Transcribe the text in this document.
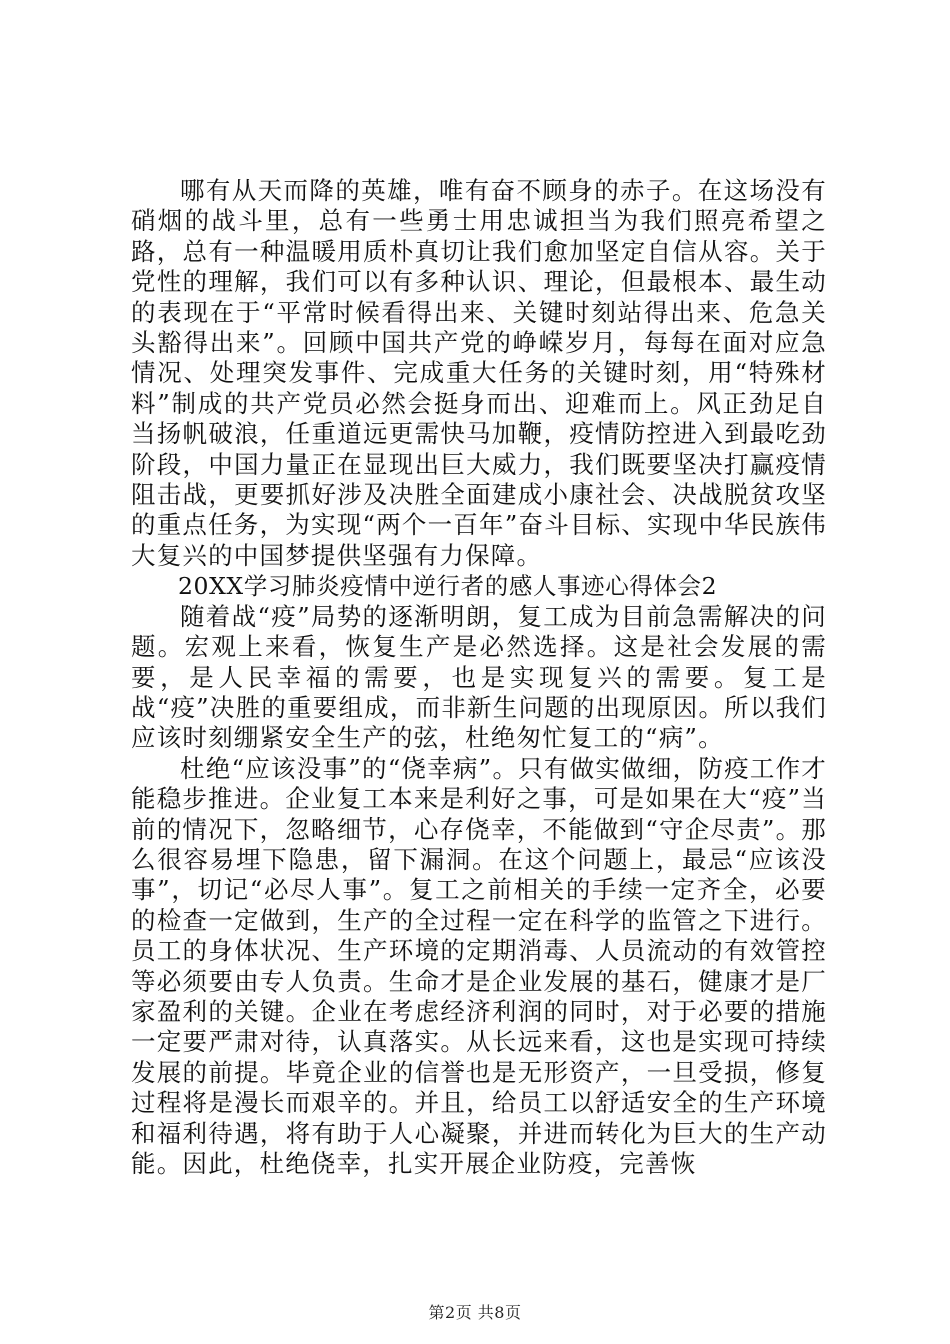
哪有从天而降的英雄，唯有奋不顾身的赤子。在这场没有硝烟的战斗里，总有一些勇士用忠诚担当为我们照亮希望之路，总有一种温暖用质朴真切让我们愈加坚定自信从容。关于党性的理解，我们可以有多种认识、理论，但最根本、最生动的表现在于“平常时候看得出来、关键时刻站得出来、危急关头豁得出来”。回顾中国共产党的峥嵘岁月，每每在面对应急情况、处理突发事件、完成重大任务的关键时刻，用“特殊材料”制成的共产党员必然会挺身而出、迎难而上。风正劲足自当扬帆破浪，任重道远更需快马加鞭，疫情防控进入到最吃劲阶段，中国力量正在显现出巨大威力，我们既要坚决打赢疫情阻击战，更要抓好涉及决胜全面建成小康社会、决战脱贫攻坚的重点任务，为实现“两个一百年”奋斗目标、实现中华民族伟大复兴的中国梦提供坚强有力保障。

20XX学习肺炎疫情中逆行者的感人事迹心得体会2

随着战“疫”局势的逐渐明朗，复工成为目前急需解决的问题。宏观上来看，恢复生产是必然选择。这是社会发展的需要，是人民幸福的需要，也是实现复兴的需要。复工是战“疫”决胜的重要组成，而非新生问题的出现原因。所以我们应该时刻绷紧安全生产的弦，杜绝匆忙复工的“病”。

杜绝“应该没事”的“侥幸病”。只有做实做细，防疫工作才能稳步推进。企业复工本来是利好之事，可是如果在大“疫”当前的情况下，忽略细节，心存侥幸，不能做到“守企尽责”。那么很容易埋下隐患，留下漏洞。在这个问题上，最忌“应该没事”，切记“必尽人事”。复工之前相关的手续一定齐全，必要的检查一定做到，生产的全过程一定在科学的监管之下进行。员工的身体状况、生产环境的定期消毒、人员流动的有效管控等必须要由专人负责。生命才是企业发展的基石，健康才是厂家盈利的关键。企业在考虑经济利润的同时，对于必要的措施一定要严肃对待，认真落实。从长远来看，这也是实现可持续发展的前提。毕竟企业的信誉也是无形资产，一旦受损，修复过程将是漫长而艰辛的。并且，给员工以舒适安全的生产环境和福利待遇，将有助于人心凝聚，并进而转化为巨大的生产动能。因此，杜绝侥幸，扎实开展企业防疫，完善恢

第2页 共8页
